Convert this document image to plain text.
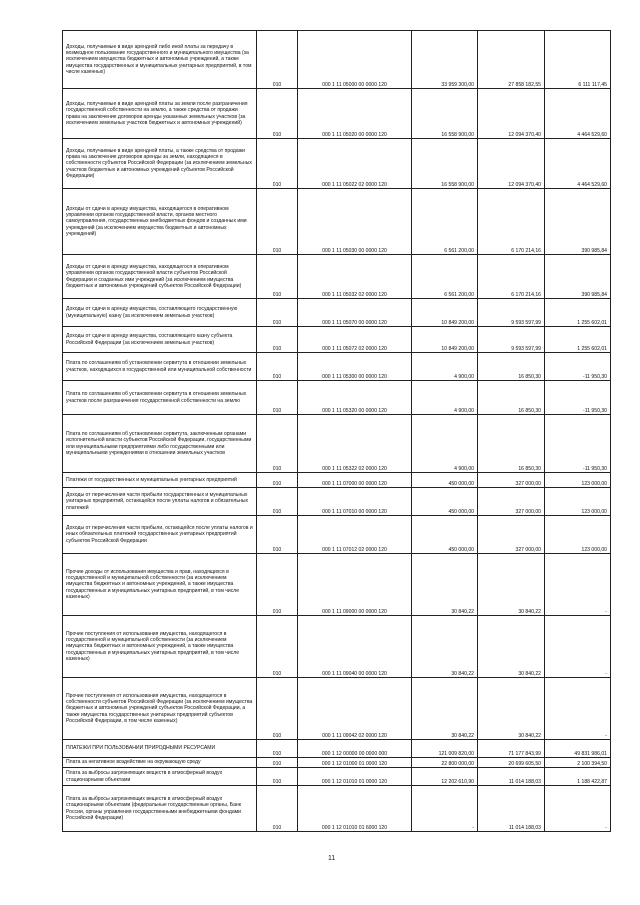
Доходы, получаемые в виде арендной либо иной платы за передачу в возмездное пользование государственного и муниципального имущества (за исключением имущества бюджетных и автономных учреждений, а также имущества государственных и муниципальных унитарных предприятий, в том числе казенных)	010	000 1 11 05000 00 0000 120	33 959 300,00	27 858 182,55	6 111 117,45
Доходы, получаемые в виде арендной платы за земли после разграничения государственной собственности на землю, а также средства от продажи права на заключение договоров аренды указанных земельных участков (за исключением земельных участков бюджетных и автономных учреждений)	010	000 1 11 05020 00 0000 120	16 558 900,00	12 094 370,40	4 464 529,60
Доходы, получаемые в виде арендной платы, а также средства от продажи права на заключение договоров аренды за земли, находящиеся в собственности субъектов Российской Федерации (за исключением земельных участков бюджетных и автономных учреждений субъектов Российской Федерации)	010	000 1 11 05022 02 0000 120	16 558 900,00	12 094 370,40	4 464 529,60
Доходы от сдачи в аренду имущества, находящегося в оперативном управлении органов государственной власти, органов местного самоуправления, государственных внебюджетных фондов и созданных ими учреждений (за исключением имущества бюджетных и автономных учреждений)	010	000 1 11 05030 00 0000 120	6 561 200,00	6 170 214,16	390 985,84
Доходы от сдачи в аренду имущества, находящегося в оперативном управлении органов государственной власти субъектов Российской Федерации и созданных ими учреждений (за исключением имущества бюджетных и автономных учреждений субъектов Российской Федерации)	010	000 1 11 05032 02 0000 120	6 561 200,00	6 170 214,16	390 985,84
Доходы от сдачи в аренду имущества, составляющего государственную (муниципальную) казну (за исключением земельных участков)	010	000 1 11 05070 00 0000 120	10 849 200,00	9 593 597,99	1 255 602,01
Доходы от сдачи в аренду имущества, составляющего казну субъекта Российской Федерации (за исключением земельных участков)	010	000 1 11 05072 02 0000 120	10 849 200,00	9 593 597,99	1 255 602,01
Плата по соглашениям об установлении сервитута в отношении земельных участков, находящихся в государственной или муниципальной собственности	010	000 1 11 05300 00 0000 120	4 900,00	16 850,30	-11 950,30
Плата по соглашениям об установлении сервитута в отношении земельных участков после разграничения государственной собственности на землю	010	000 1 11 05320 00 0000 120	4 900,00	16 850,30	-11 950,30
Плата по соглашениям об установлении сервитута, заключенным органами исполнительной власти субъектов Российской Федерации, государственными или муниципальными предприятиями либо государственными или муниципальными учреждениями в отношении земельных участков	010	000 1 11 05322 02 0000 120	4 900,00	16 850,30	-11 950,30
Платежи от государственных и муниципальных унитарных предприятий	010	000 1 11 07000 00 0000 120	450 000,00	327 000,00	123 000,00
Доходы от перечисления части прибыли государственных и муниципальных унитарных предприятий, остающейся после уплаты налогов и обязательных платежей	010	000 1 11 07010 00 0000 120	450 000,00	327 000,00	123 000,00
Доходы от перечисления части прибыли, остающейся после уплаты налогов и иных обязательных платежей государственных унитарных предприятий субъектов Российской Федерации	010	000 1 11 07012 02 0000 120	450 000,00	327 000,00	123 000,00
Прочие доходы от использования имущества и прав, находящихся в государственной и муниципальной собственности (за исключением имущества бюджетных и автономных учреждений, а также имущества государственных и муниципальных унитарных предприятий, в том числе казенных)	010	000 1 11 09000 00 0000 120	30 840,22	30 840,22	-
Прочие поступления от использования имущества, находящегося в государственной и муниципальной собственности (за исключением имущества бюджетных и автономных учреждений, а также имущества государственных и муниципальных унитарных предприятий, в том числе казенных)	010	000 1 11 09040 00 0000 120	30 840,22	30 840,22	-
Прочие поступления от использования имущества, находящегося в собственности субъектов Российской Федерации (за исключением имущества бюджетных и автономных учреждений субъектов Российской Федерации, а также имущества государственных унитарных предприятий субъектов Российской Федерации, в том числе казенных)	010	000 1 11 09042 02 0000 120	30 840,22	30 840,22	-
ПЛАТЕЖИ ПРИ ПОЛЬЗОВАНИИ ПРИРОДНЫМИ РЕСУРСАМИ	010	000 1 12 00000 00 0000 000	121 009 820,00	71 177 843,99	49 831 986,01
Плата за негативное воздействие на окружающую среду	010	000 1 12 01000 01 0000 120	22 800 000,00	20 699 605,50	2 100 394,50
Плата за выбросы загрязняющих веществ в атмосферный воздух стационарными объектами	010	000 1 12 01010 01 0000 120	12 202 610,90	11 014 188,03	1 188 422,87
Плата за выбросы загрязняющих веществ в атмосферный воздух стационарными объектами (федеральные государственные органы, Банк России, органы управления государственными внебюджетными фондами Российской Федерации)	010	000 1 12 01010 01 6000 120	-	11 014 188,03	-
11
